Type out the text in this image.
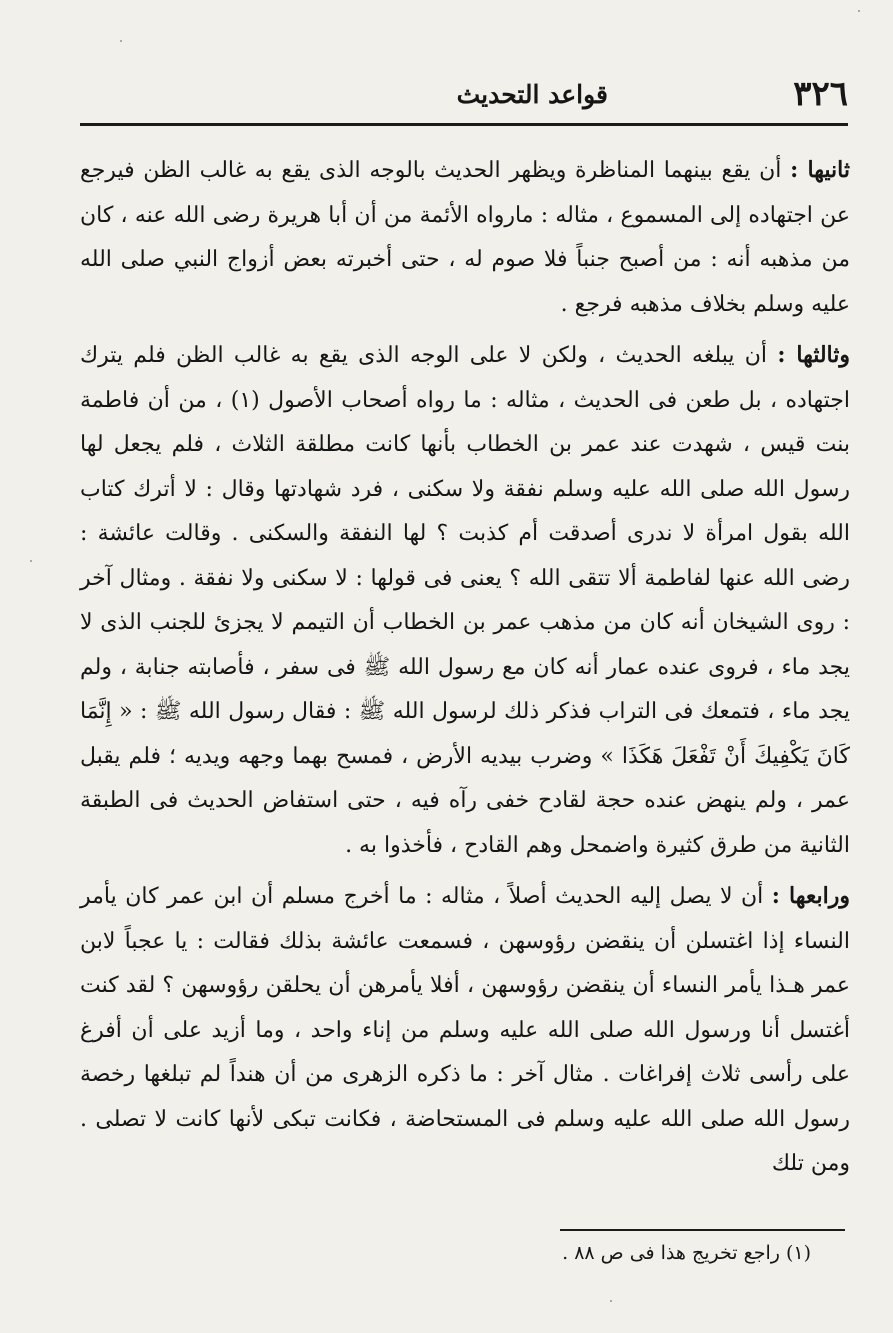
٣٢٦
قواعد التحديث

ثانيها : أن يقع بينهما المناظرة ويظهر الحديث بالوجه الذى يقع به غالب الظن فيرجع عن اجتهاده إلى المسموع ، مثاله : مارواه الأئمة من أن أبا هريرة رضى الله عنه ، كان من مذهبه أنه : من أصبح جنباً فلا صوم له ، حتى أخبرته بعض أزواج النبي صلى الله عليه وسلم بخلاف مذهبه فرجع .

وثالثها : أن يبلغه الحديث ، ولكن لا على الوجه الذى يقع به غالب الظن فلم يترك اجتهاده ، بل طعن فى الحديث ، مثاله : ما رواه أصحاب الأصول (١) ، من أن فاطمة بنت قيس ، شهدت عند عمر بن الخطاب بأنها كانت مطلقة الثلاث ، فلم يجعل لها رسول الله صلى الله عليه وسلم نفقة ولا سكنى ، فرد شهادتها وقال : لا أترك كتاب الله بقول امرأة لا ندرى أصدقت أم كذبت ؟ لها النفقة والسكنى . وقالت عائشة : رضى الله عنها لفاطمة ألا تتقى الله ؟ يعنى فى قولها : لا سكنى ولا نفقة . ومثال آخر : روى الشيخان أنه كان من مذهب عمر بن الخطاب أن التيمم لا يجزئ للجنب الذى لا يجد ماء ، فروى عنده عمار أنه كان مع رسول الله ﷺ فى سفر ، فأصابته جنابة ، ولم يجد ماء ، فتمعك فى التراب فذكر ذلك لرسول الله ﷺ : فقال رسول الله ﷺ : « إِنَّمَا كَانَ يَكْفِيكَ أَنْ تَفْعَلَ هَكَذَا » وضرب بيديه الأرض ، فمسح بهما وجهه ويديه ؛ فلم يقبل عمر ، ولم ينهض عنده حجة لقادح خفى رآه فيه ، حتى استفاض الحديث فى الطبقة الثانية من طرق كثيرة واضمحل وهم القادح ، فأخذوا به .

ورابعها : أن لا يصل إليه الحديث أصلاً ، مثاله : ما أخرج مسلم أن ابن عمر كان يأمر النساء إذا اغتسلن أن ينقضن رؤوسهن ، فسمعت عائشة بذلك فقالت : يا عجباً لابن عمر هـذا يأمر النساء أن ينقضن رؤوسهن ، أفلا يأمرهن أن يحلقن رؤوسهن ؟ لقد كنت أغتسل أنا ورسول الله صلى الله عليه وسلم من إناء واحد ، وما أزيد على أن أفرغ على رأسى ثلاث إفراغات . مثال آخر : ما ذكره الزهرى من أن هنداً لم تبلغها رخصة رسول الله صلى الله عليه وسلم فى المستحاضة ، فكانت تبكى لأنها كانت لا تصلى . ومن تلك

(١) راجع تخريج هذا فى ص ٨٨ .
